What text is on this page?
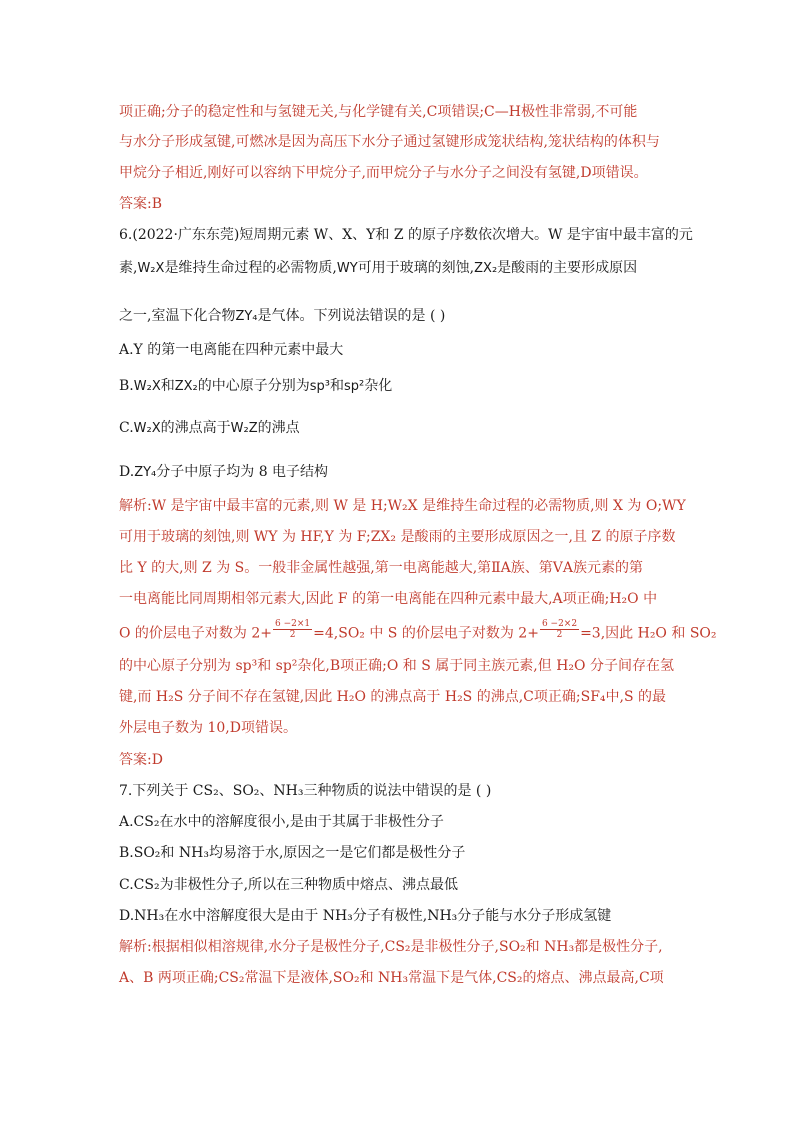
项正确;分子的稳定性和与氢键无关,与化学键有关,C项错误;C—H极性非常弱,不可能
与水分子形成氢键,可燃冰是因为高压下水分子通过氢键形成笼状结构,笼状结构的体积与
甲烷分子相近,刚好可以容纳下甲烷分子,而甲烷分子与水分子之间没有氢键,D项错误。
答案:B
6.(2022·广东东莞)短周期元素 W、X、Y和 Z 的原子序数依次增大。W 是宇宙中最丰富的元
素,W₂X是维持生命过程的必需物质,WY可用于玻璃的刻蚀,ZX₂是酸雨的主要形成原因
之一,室温下化合物ZY₄是气体。下列说法错误的是 ( )
A.Y 的第一电离能在四种元素中最大
B.W₂X和ZX₂的中心原子分别为sp³和sp²杂化
C.W₂X的沸点高于W₂Z的沸点
D.ZY₄分子中原子均为 8 电子结构
解析:W 是宇宙中最丰富的元素,则 W 是 H;W₂X 是维持生命过程的必需物质,则 X 为 O;WY
可用于玻璃的刻蚀,则 WY 为 HF,Y 为 F;ZX₂ 是酸雨的主要形成原因之一,且 Z 的原子序数
比 Y 的大,则 Z 为 S。一般非金属性越强,第一电离能越大,第ⅡA族、第ⅤA族元素的第
一电离能比同周期相邻元素大,因此 F 的第一电离能在四种元素中最大,A项正确;H₂O 中
O 的价层电子对数为 $2+ \frac{6 -2\times 1}{2} =4,SO_2$ 中 S 的价层电子对数为 $2+ \frac{6 -2\times 2}{2} =3$,因此 H₂O 和 SO₂
的中心原子分别为 sp³和 sp²杂化,B项正确;O 和 S 属于同主族元素,但 H₂O 分子间存在氢
键,而 H₂S 分子间不存在氢键,因此 H₂O 的沸点高于 H₂S 的沸点,C项正确;SF₄中,S 的最
外层电子数为 10,D项错误。
答案:D
7.下列关于 CS₂、SO₂、NH₃三种物质的说法中错误的是 ( )
A.CS₂在水中的溶解度很小,是由于其属于非极性分子
B.SO₂和 NH₃均易溶于水,原因之一是它们都是极性分子
C.CS₂为非极性分子,所以在三种物质中熔点、沸点最低
D.NH₃在水中溶解度很大是由于 NH₃分子有极性,NH₃分子能与水分子形成氢键
解析:根据相似相溶规律,水分子是极性分子,CS₂是非极性分子,SO₂和 NH₃都是极性分子,
A、B 两项正确;CS₂常温下是液体,SO₂和 NH₃常温下是气体,CS₂的熔点、沸点最高,C项
